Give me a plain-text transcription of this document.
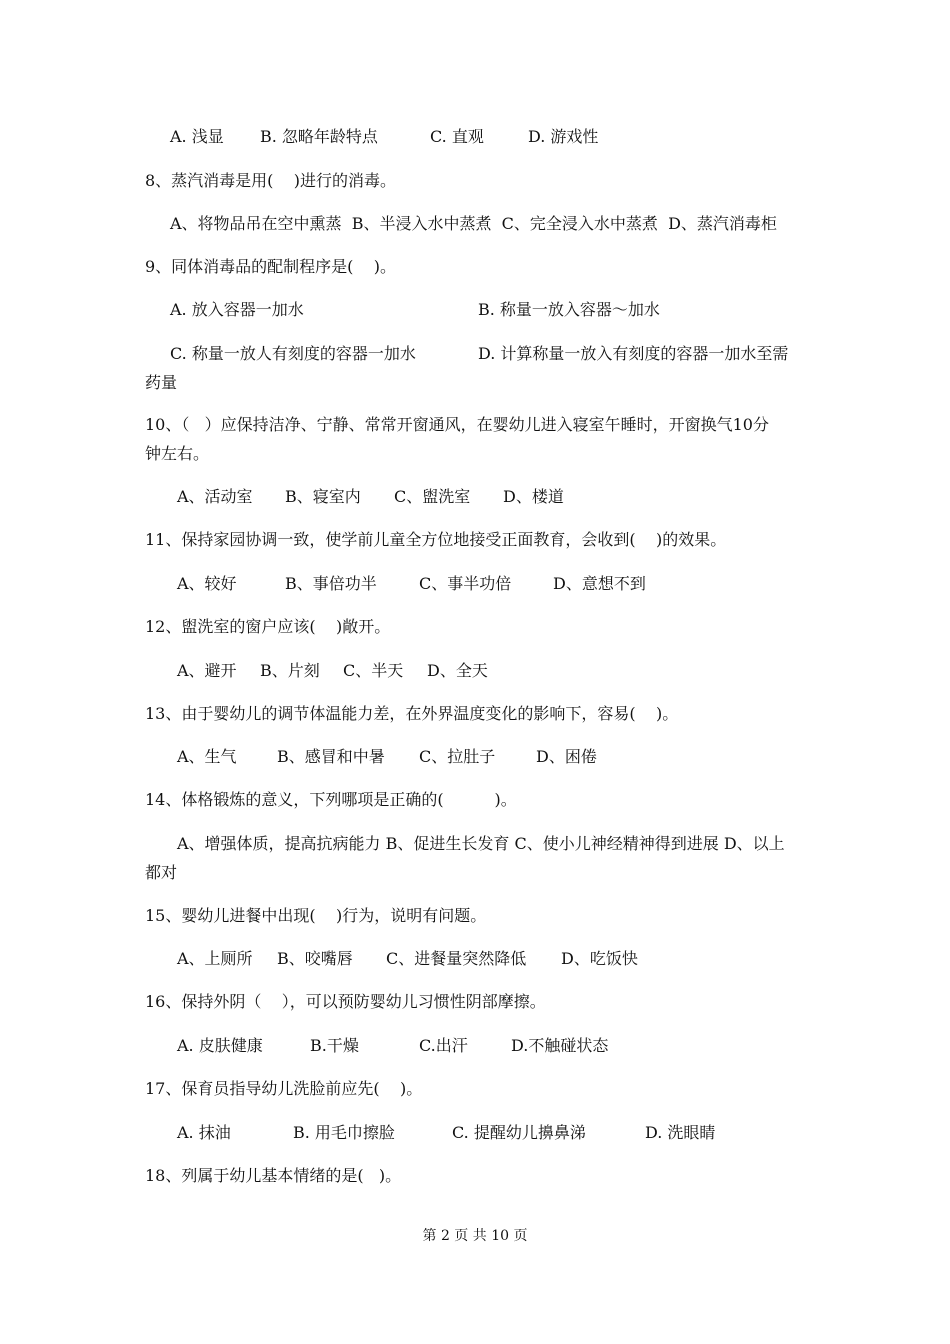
A. 浅显 B. 忽略年龄特点	C. 直观	D. 游戏性
8、蒸汽消毒是用(    )进行的消毒。
A、将物品吊在空中熏蒸  B、半浸入水中蒸煮  C、完全浸入水中蒸煮  D、蒸汽消毒柜
9、同体消毒品的配制程序是(    )。
A. 放入容器一加水	B. 称量一放入容器～加水
C. 称量一放人有刻度的容器一加水	D. 计算称量一放入有刻度的容器一加水至需
药量
10、（   ）应保持洁净、宁静、常常开窗通风，在婴幼儿进入寝室午睡时，开窗换气10分
钟左右。
A、活动室 B、寝室内 C、盥洗室 D、楼道
11、保持家园协调一致，使学前儿童全方位地接受正面教育，会收到(    )的效果。
A、较好	B、事倍功半	C、事半功倍	D、意想不到
12、盥洗室的窗户应该(    )敞开。
A、避开 B、片刻 C、半天 D、全天
13、由于婴幼儿的调节体温能力差，在外界温度变化的影响下，容易(    )。
A、生气	B、感冒和中暑 C、拉肚子	D、困倦
14、体格锻炼的意义，下列哪项是正确的(          )。
A、增强体质，提高抗病能力 B、促进生长发育 C、使小儿神经精神得到进展 D、以上
都对
15、婴幼儿进餐中出现(    )行为，说明有问题。
A、上厕所 B、咬嘴唇 C、进餐量突然降低 D、吃饭快
16、保持外阴（    ），可以预防婴幼儿习惯性阴部摩擦。
A. 皮肤健康	B.干燥	C.出汗	D.不触碰状态
17、保育员指导幼儿洗脸前应先(    )。
A. 抹油	B. 用毛巾擦脸	C. 提醒幼儿擤鼻涕	D. 洗眼睛
18、列属于幼儿基本情绪的是(   )。
第 2 页 共 10 页
